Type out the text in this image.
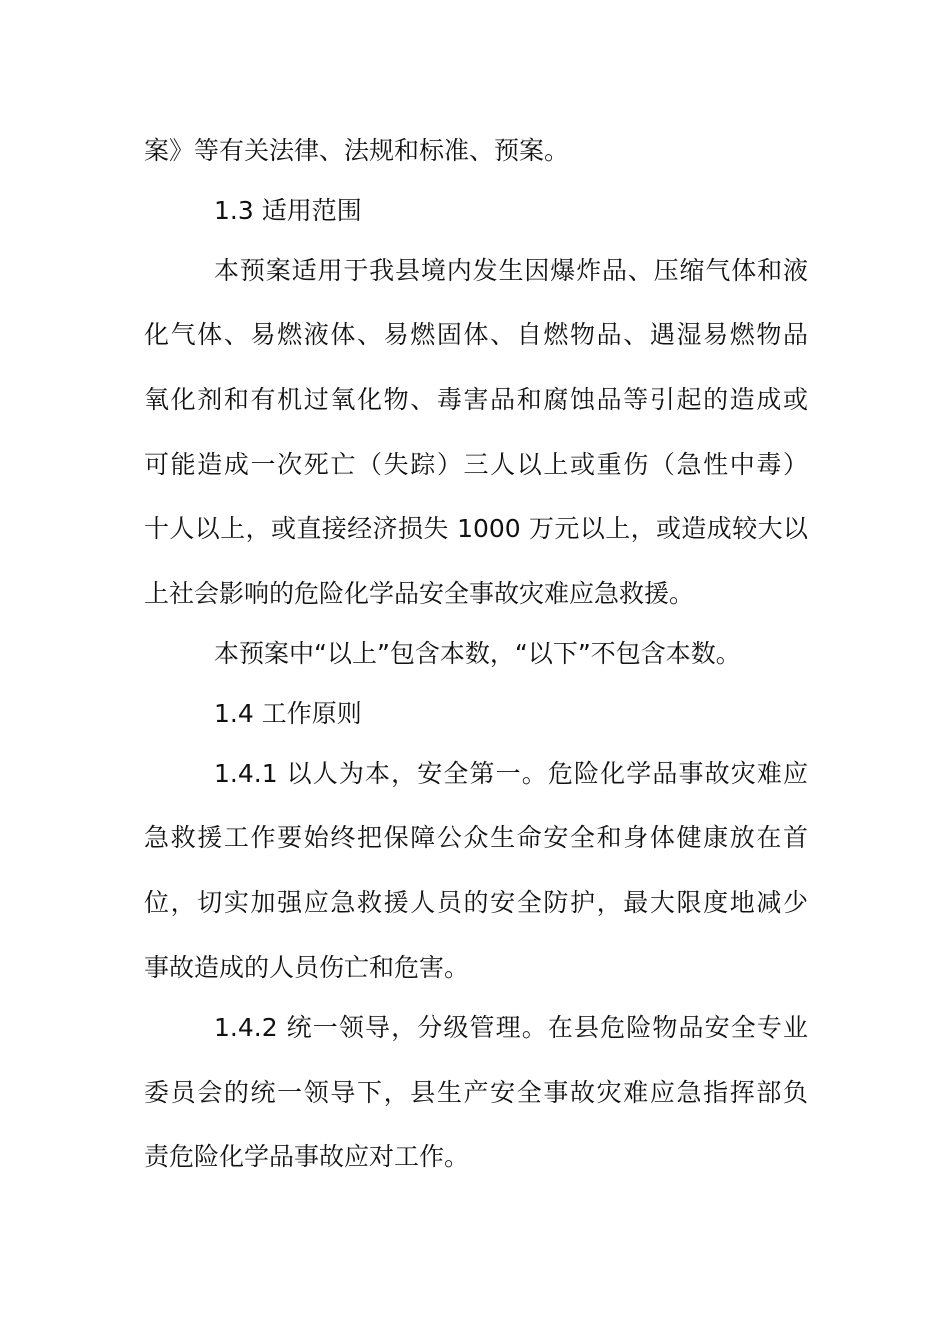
案》等有关法律、法规和标准、预案。
1.3 适用范围
本预案适用于我县境内发生因爆炸品、压缩气体和液
化气体、易燃液体、易燃固体、自燃物品、遇湿易燃物品
氧化剂和有机过氧化物、毒害品和腐蚀品等引起的造成或
可能造成一次死亡（失踪）三人以上或重伤（急性中毒）
十人以上，或直接经济损失 1000 万元以上，或造成较大以
上社会影响的危险化学品安全事故灾难应急救援。
本预案中“以上”包含本数，“以下”不包含本数。
1.4 工作原则
1.4.1 以人为本，安全第一。危险化学品事故灾难应
急救援工作要始终把保障公众生命安全和身体健康放在首
位，切实加强应急救援人员的安全防护，最大限度地减少
事故造成的人员伤亡和危害。
1.4.2 统一领导，分级管理。在县危险物品安全专业
委员会的统一领导下，县生产安全事故灾难应急指挥部负
责危险化学品事故应对工作。
